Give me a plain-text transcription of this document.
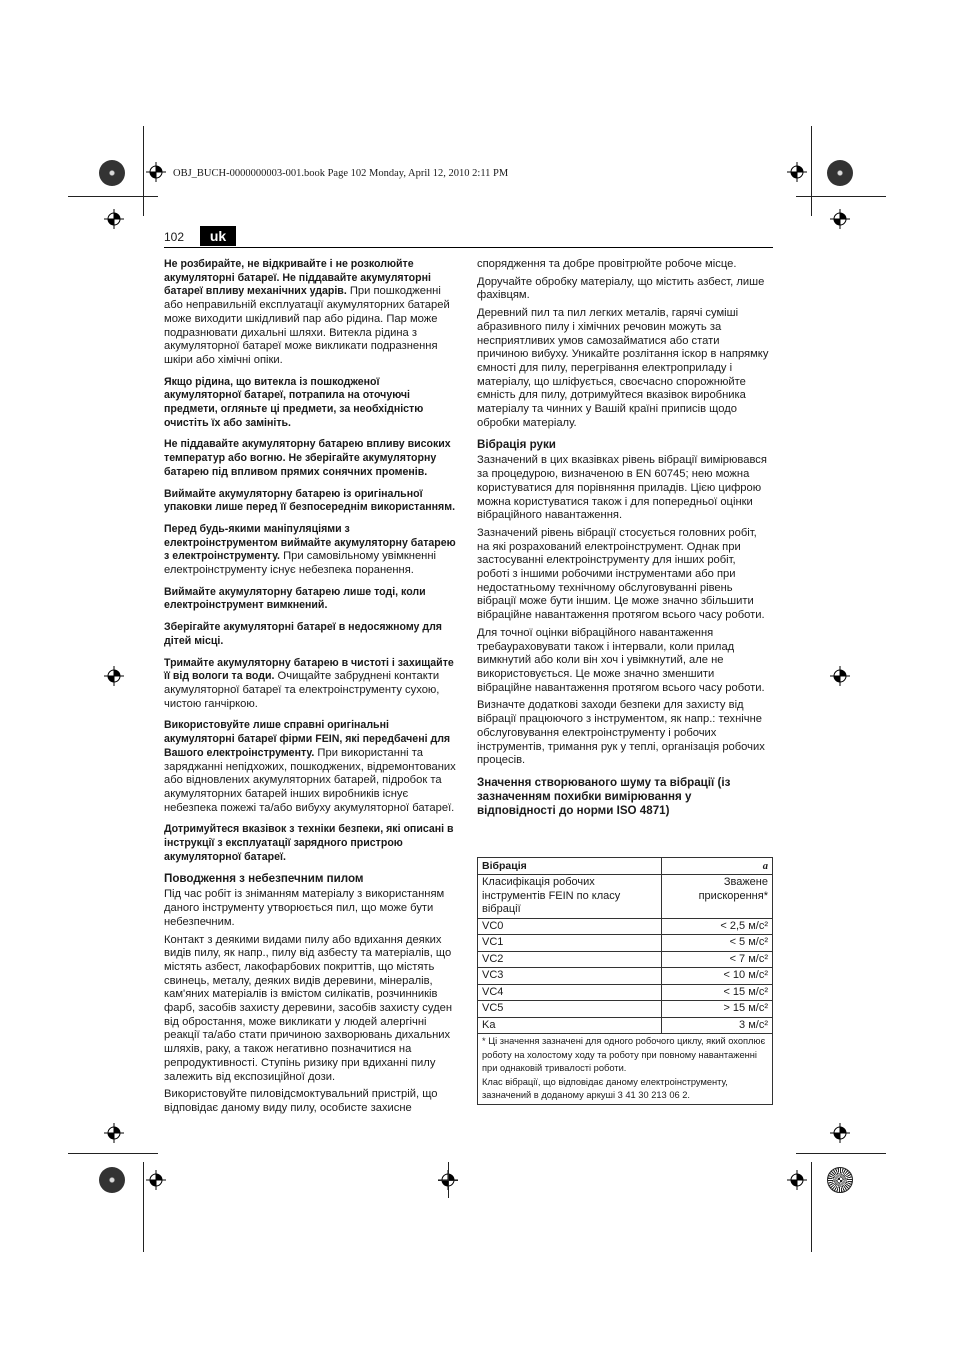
OBJ_BUCH-0000000003-001.book Page 102 Monday, April 12, 2010 2:11 PM
102	uk

Не розбирайте, не відкривайте і не розколюйте акумуляторні батареї. Не піддавайте акумуляторні батареї впливу механічних ударів. При пошкодженні або неправильній експлуатації акумуляторних батарей може виходити шкідливий пар або рідина. Пар може подразнювати дихальні шляхи. Витекла рідина з акумуляторної батареї може викликати подразнення шкіри або хімічні опіки.

Якщо рідина, що витекла із пошкодженої акумуляторної батареї, потрапила на оточуючі предмети, огляньте ці предмети, за необхідністю очистіть їх або замініть.

Не піддавайте акумуляторну батарею впливу високих температур або вогню. Не зберігайте акумуляторну батарею під впливом прямих сонячних променів.

Виймайте акумуляторну батарею із оригінальної упаковки лише перед її безпосереднім використанням.

Перед будь-якими маніпуляціями з електроінструментом виймайте акумуляторну батарею з електроінструменту. При самовільному увімкненні електроінструменту існує небезпека поранення.

Виймайте акумуляторну батарею лише тоді, коли електроінструмент вимкнений.

Зберігайте акумуляторні батареї в недосяжному для дітей місці.

Тримайте акумуляторну батарею в чистоті і захищайте її від вологи та води. Очищайте забруднені контакти акумуляторної батареї та електроінструменту сухою, чистою ганчіркою.

Використовуйте лише справні оригінальні акумуляторні батареї фірми FEIN, які передбачені для Вашого електроінструменту. При використанні та заряджанні непідхожих, пошкоджених, відремонтованих або відновлених акумуляторних батарей, підробок та акумуляторних батарей інших виробників існує небезпека пожежі та/або вибуху акумуляторної батареї.

Дотримуйтеся вказівок з техніки безпеки, які описані в інструкції з експлуатації зарядного пристрою акумуляторної батареї.

Поводження з небезпечним пилом

Під час робіт із зніманням матеріалу з використанням даного інструменту утворюється пил, що може бути небезпечним.

Контакт з деякими видами пилу або вдихання деяких видів пилу, як напр., пилу від азбесту та матеріалів, що містять азбест, лакофарбових покриттів, що містять свинець, металу, деяких видів деревини, мінералів, кам'яних матеріалів із вмістом силікатів, розчинників фарб, засобів захисту деревини, засобів захисту суден від обростання, може викликати у людей алергічні реакції та/або стати причиною захворювань дихальних шляхів, раку, а також негативно позначитися на репродуктивності. Ступінь ризику при вдиханні пилу залежить від експозиційної дози.

Використовуйте пиловідсмоктувальний пристрій, що відповідає даному виду пилу, особисте захисне

спорядження та добре провітрюйте робоче місце.

Доручайте обробку матеріалу, що містить азбест, лише фахівцям.

Деревний пил та пил легких металів, гарячі суміші абразивного пилу і хімічних речовин можуть за несприятливих умов самозайматися або стати причиною вибуху. Уникайте розлітання іскор в напрямку ємності для пилу, перегрівання електроприладу і матеріалу, що шліфується, своєчасно спорожнюйте ємність для пилу, дотримуйтеся вказівок виробника матеріалу та чинних у Вашій країні приписів щодо обробки матеріалу.

Вібрація руки

Зазначений в цих вказівках рівень вібрації вимірювався за процедурою, визначеною в EN 60745; нею можна користуватися для порівняння приладів. Цією цифрою можна користуватися також і для попередньої оцінки вібраційного навантаження.

Зазначений рівень вібрації стосується головних робіт, на які розрахований електроінструмент. Однак при застосуванні електроінструменту для інших робіт, роботі з іншими робочими інструментами або при недостатньому технічному обслуговуванні рівень вібрації може бути іншим. Це може значно збільшити вібраційне навантаження протягом всього часу роботи.

Для точної оцінки вібраційного навантаження требаураховувати також і інтервали, коли прилад вимкнутий або коли він хоч і увімкнутий, але не використовується. Це може значно зменшити вібраційне навантаження протягом всього часу роботи.

Визначте додаткові заходи безпеки для захисту від вібрації працюючого з інструментом, як напр.: технічне обслуговування електроінструменту і робочих інструментів, тримання рук у теплі, організація робочих процесів.

Значення створюваного шуму та вібрації (із зазначенням похибки вимірювання у відповідності до норми ISO 4871)
Вібрація	a
Класифікація робочих інструментів FEIN по класу вібрації	Зважене прискорення*
VC0	< 2,5 м/с²
VC1	< 5 м/с²
VC2	< 7 м/с²
VC3	< 10 м/с²
VC4	< 15 м/с²
VC5	> 15 м/с²
Ka	3 м/с²

* Ці значення зазначені для одного робочого циклу, який охоплює роботу на холостому ходу та роботу при повному навантаженні при однаковій тривалості роботи.
Клас вібрації, що відповідає даному електроінструменту, зазначений в доданому аркуші 3 41 30 213 06 2.	
